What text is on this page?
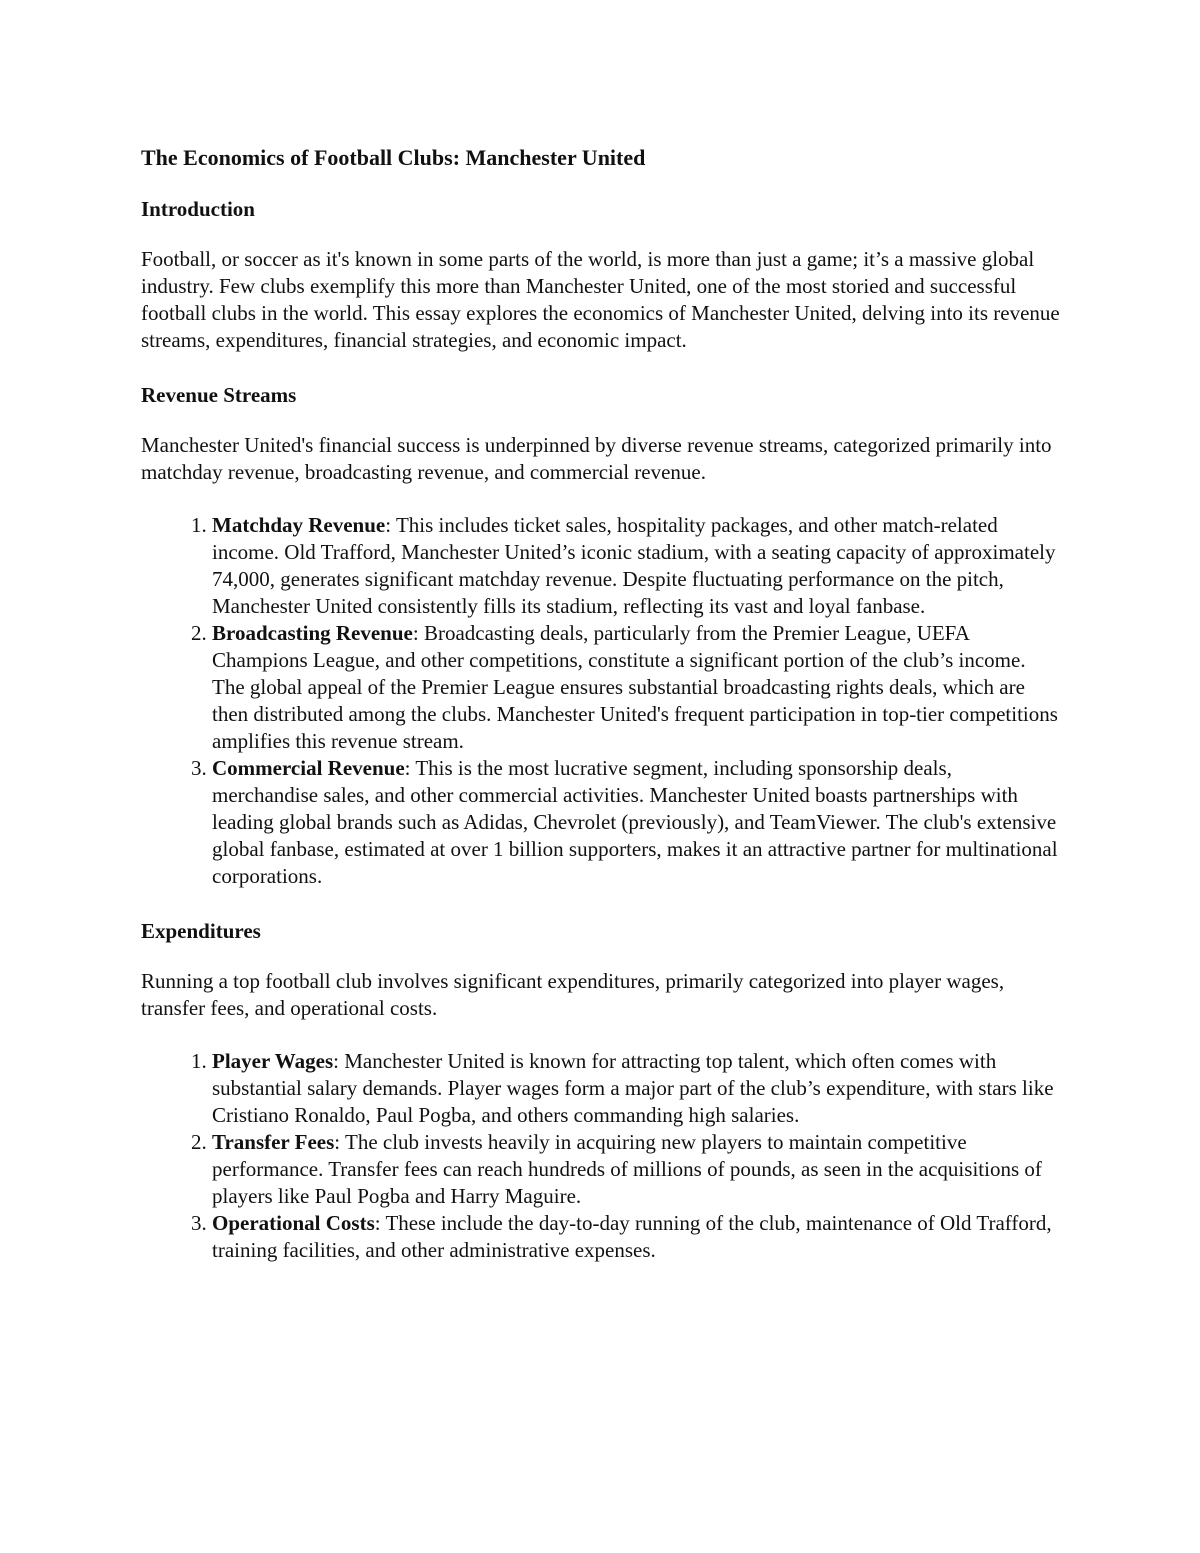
The Economics of Football Clubs: Manchester United
Introduction

Football, or soccer as it's known in some parts of the world, is more than just a game; it’s a massive global industry. Few clubs exemplify this more than Manchester United, one of the most storied and successful football clubs in the world. This essay explores the economics of Manchester United, delving into its revenue streams, expenditures, financial strategies, and economic impact.

Revenue Streams

Manchester United's financial success is underpinned by diverse revenue streams, categorized primarily into matchday revenue, broadcasting revenue, and commercial revenue.

1. Matchday Revenue: This includes ticket sales, hospitality packages, and other match-related income. Old Trafford, Manchester United’s iconic stadium, with a seating capacity of approximately 74,000, generates significant matchday revenue. Despite fluctuating performance on the pitch, Manchester United consistently fills its stadium, reflecting its vast and loyal fanbase.
2. Broadcasting Revenue: Broadcasting deals, particularly from the Premier League, UEFA Champions League, and other competitions, constitute a significant portion of the club’s income. The global appeal of the Premier League ensures substantial broadcasting rights deals, which are then distributed among the clubs. Manchester United's frequent participation in top-tier competitions amplifies this revenue stream.
3. Commercial Revenue: This is the most lucrative segment, including sponsorship deals, merchandise sales, and other commercial activities. Manchester United boasts partnerships with leading global brands such as Adidas, Chevrolet (previously), and TeamViewer. The club's extensive global fanbase, estimated at over 1 billion supporters, makes it an attractive partner for multinational corporations.
Expenditures

Running a top football club involves significant expenditures, primarily categorized into player wages, transfer fees, and operational costs.

1. Player Wages: Manchester United is known for attracting top talent, which often comes with substantial salary demands. Player wages form a major part of the club’s expenditure, with stars like Cristiano Ronaldo, Paul Pogba, and others commanding high salaries.
2. Transfer Fees: The club invests heavily in acquiring new players to maintain competitive performance. Transfer fees can reach hundreds of millions of pounds, as seen in the acquisitions of players like Paul Pogba and Harry Maguire.
3. Operational Costs: These include the day-to-day running of the club, maintenance of Old Trafford, training facilities, and other administrative expenses.
